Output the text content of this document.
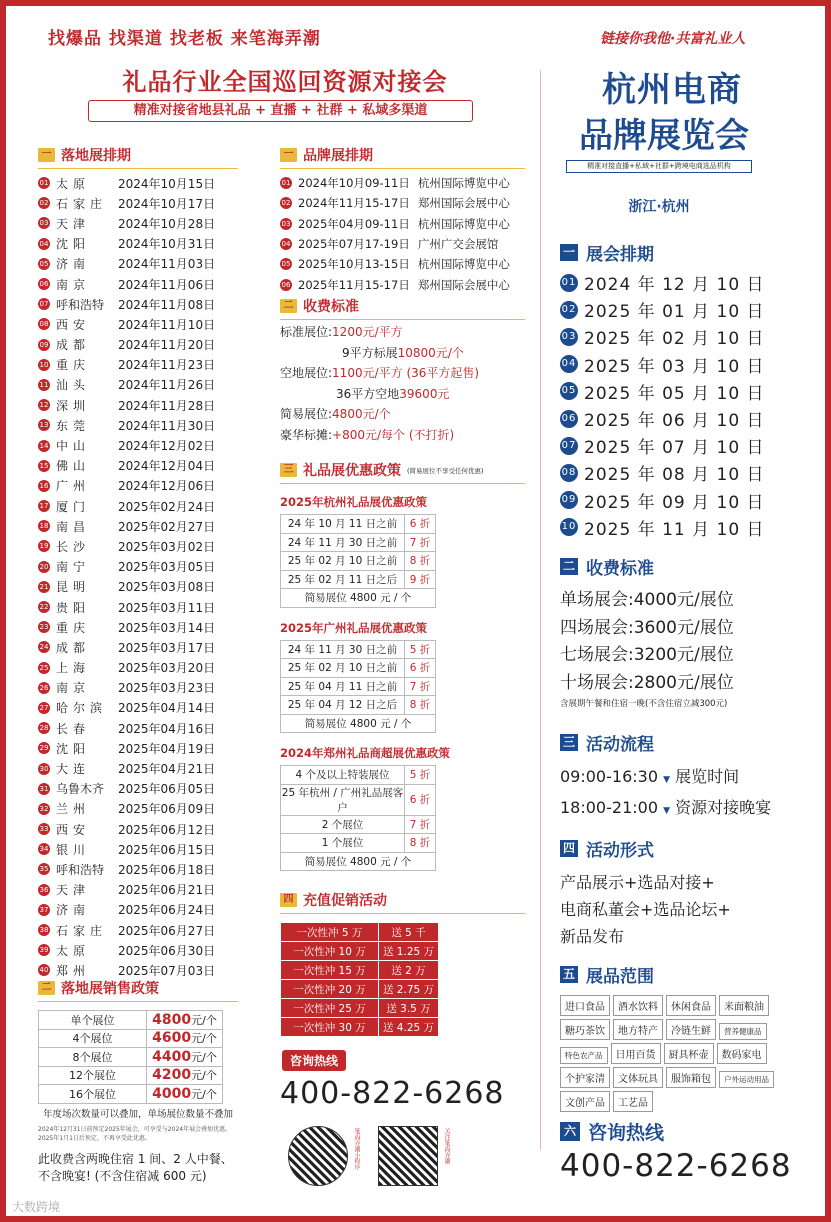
找爆品 找渠道 找老板 来笔海弄潮	链接你我他·共富礼业人
礼品行业全国巡回资源对接会
精准对接省地县礼品 + 直播 + 社群 + 私域多渠道
一 落地展排期
01 太原	2024年10月15日
02 石家庄 2024年10月17日
03 天津	2024年10月28日
04 沈阳	2024年10月31日
05 济南	2024年11月03日
06 南京	2024年11月06日
07 呼和浩特	2024年11月08日
08 西安	2024年11月10日
09 成都	2024年11月20日
10 重庆	2024年11月23日
11 汕头	2024年11月26日
12 深圳	2024年11月28日
13 东莞	2024年11月30日
14 中山	2024年12月02日
15 佛山	2024年12月04日
16 广州	2024年12月06日
17 厦门	2025年02月24日
18 南昌	2025年02月27日
19 长沙	2025年03月02日
20 南宁	2025年03月05日
21 昆明	2025年03月08日
22 贵阳	2025年03月11日
23 重庆	2025年03月14日
24 成都	2025年03月17日
25 上海	2025年03月20日
26 南京	2025年03月23日
27 哈尔滨 2025年04月14日
28 长春	2025年04月16日
29 沈阳	2025年04月19日
30 大连	2025年04月21日
31 乌鲁木齐	2025年06月05日
32 兰州	2025年06月09日
33 西安	2025年06月12日
34 银川	2025年06月15日
35 呼和浩特	2025年06月18日
36 天津	2025年06月21日
37 济南	2025年06月24日
38 石家庄 2025年06月27日
39 太原	2025年06月30日
40 郑州	2025年07月03日
二 落地展销售政策
单个展位	4800元/个
4个展位	4600元/个
8个展位	4400元/个
12个展位	4200元/个
16个展位	4000元/个
年度场次数量可以叠加，单场展位数量不叠加
2024年12月31日前预定2025年展会，可享受与2024年展会叠加优惠。
2025年1月1日后预定，不再享受此优惠。
此收费含两晚住宿 1 间、2 人中餐、
不含晚宴! (不含住宿减 600 元)
一 品牌展排期
01 2024年10月09-11日 杭州国际博览中心
02 2024年11月15-17日 郑州国际会展中心
03 2025年04月09-11日 杭州国际博览中心
04 2025年07月17-19日 广州广交会展馆
05 2025年10月13-15日 杭州国际博览中心
06 2025年11月15-17日 郑州国际会展中心
二 收费标准
标准展位:1200元/平方
9平方标展10800元/个
空地展位:1100元/平方 (36平方起售)
36平方空地39600元
简易展位:4800元/个
豪华标摊:+800元/每个 (不打折)
三 礼品展优惠政策 (简易展位不享受任何优惠)
2025年杭州礼品展优惠政策
24 年 10 月 11 日之前	6 折
24 年 11 月 30 日之前	7 折
25 年 02 月 10 日之前	8 折
25 年 02 月 11 日之后	9 折
简易展位 4800 元 / 个	
2025年广州礼品展优惠政策
24 年 11 月 30 日之前	5 折
25 年 02 月 10 日之前	6 折
25 年 04 月 11 日之前	7 折
25 年 04 月 12 日之后	8 折
简易展位 4800 元 / 个	
2024年郑州礼品商超展优惠政策
4 个及以上特装展位	5 折
25 年杭州 / 广州礼品展客户	6 折
2 个展位	7 折
1 个展位	8 折
简易展位 4800 元 / 个	
四 充值促销活动
一次性冲 5 万	送 5 千
一次性冲 10 万	送 1.25 万
一次性冲 15 万	送 2 万
一次性冲 20 万	送 2.75 万
一次性冲 25 万	送 3.5 万
一次性冲 30 万	送 4.25 万
咨询热线
400-822-6268
笔海弄潮小程序	关注笔海弄潮
杭州电商
品牌展览会
精准对接直播+私域+社群+跨境电商选品机构
浙江·杭州
一 展会排期
01 2024 年 12 月 10 日
02 2025 年 01 月 10 日
03 2025 年 02 月 10 日
04 2025 年 03 月 10 日
05 2025 年 05 月 10 日
06 2025 年 06 月 10 日
07 2025 年 07 月 10 日
08 2025 年 08 月 10 日
09 2025 年 09 月 10 日
10 2025 年 11 月 10 日
二 收费标准
单场展会:4000元/展位
四场展会:3600元/展位
七场展会:3200元/展位
十场展会:2800元/展位
含展期午餐和住宿一晚(不含住宿立减300元)
三 活动流程
09:00-16:30 ▼ 展览时间
18:00-21:00 ▼ 资源对接晚宴
四 活动形式
产品展示+选品对接+
电商私董会+选品论坛+
新品发布
五 展品范围
进口食品 酒水饮料 休闲食品 米面粮油糖巧茶饮 地方特产 冷链生鲜 营养健康品特色农产品 日用百货 厨具杯壶 数码家电个护家清 文体玩具 服饰箱包 户外运动用品文创产品 工艺品
六 咨询热线
400-822-6268
大数跨境
